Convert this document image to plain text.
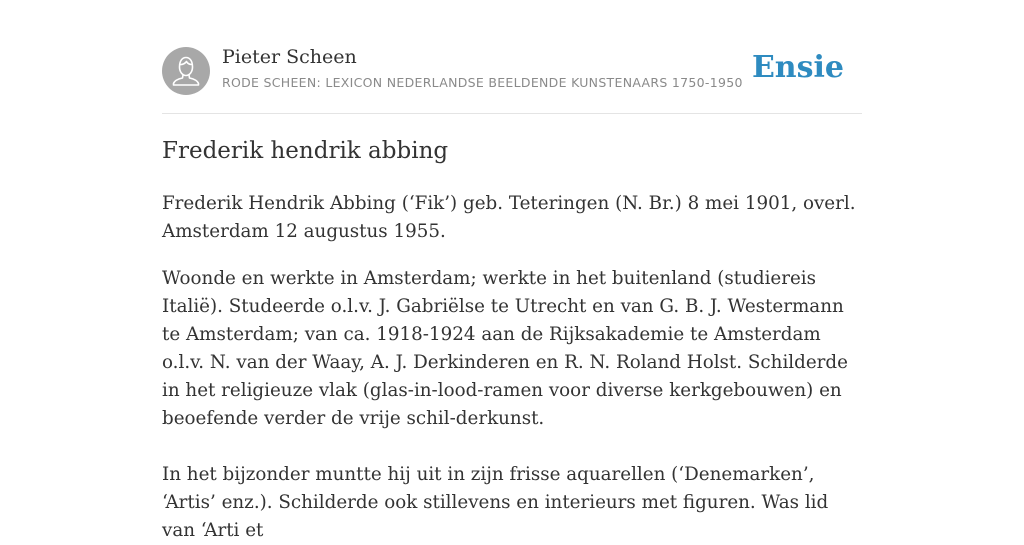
Pieter Scheen
RODE SCHEEN: LEXICON NEDERLANDSE BEELDENDE KUNSTENAARS 1750-1950 Ensie
Frederik hendrik abbing

Frederik Hendrik Abbing (‘Fik’) geb. Teteringen (N. Br.) 8 mei 1901, overl. Amsterdam 12 augustus 1955.

Woonde en werkte in Amsterdam; werkte in het buitenland (studiereis Italië). Studeerde o.l.v. J. Gabriëlse te Utrecht en van G. B. J. Westermann te Amsterdam; van ca. 1918-1924 aan de Rijksakademie te Amsterdam o.l.v. N. van der Waay, A. J. Derkinderen en R. N. Roland Holst. Schilderde in het religieuze vlak (glas-in-lood-ramen voor diverse kerkgebouwen) en beoefende verder de vrije schil-derkunst.

In het bijzonder muntte hij uit in zijn frisse aquarellen (‘Denemarken’, ‘Artis’ enz.). Schilderde ook stillevens en interieurs met figuren. Was lid van ‘Arti et
